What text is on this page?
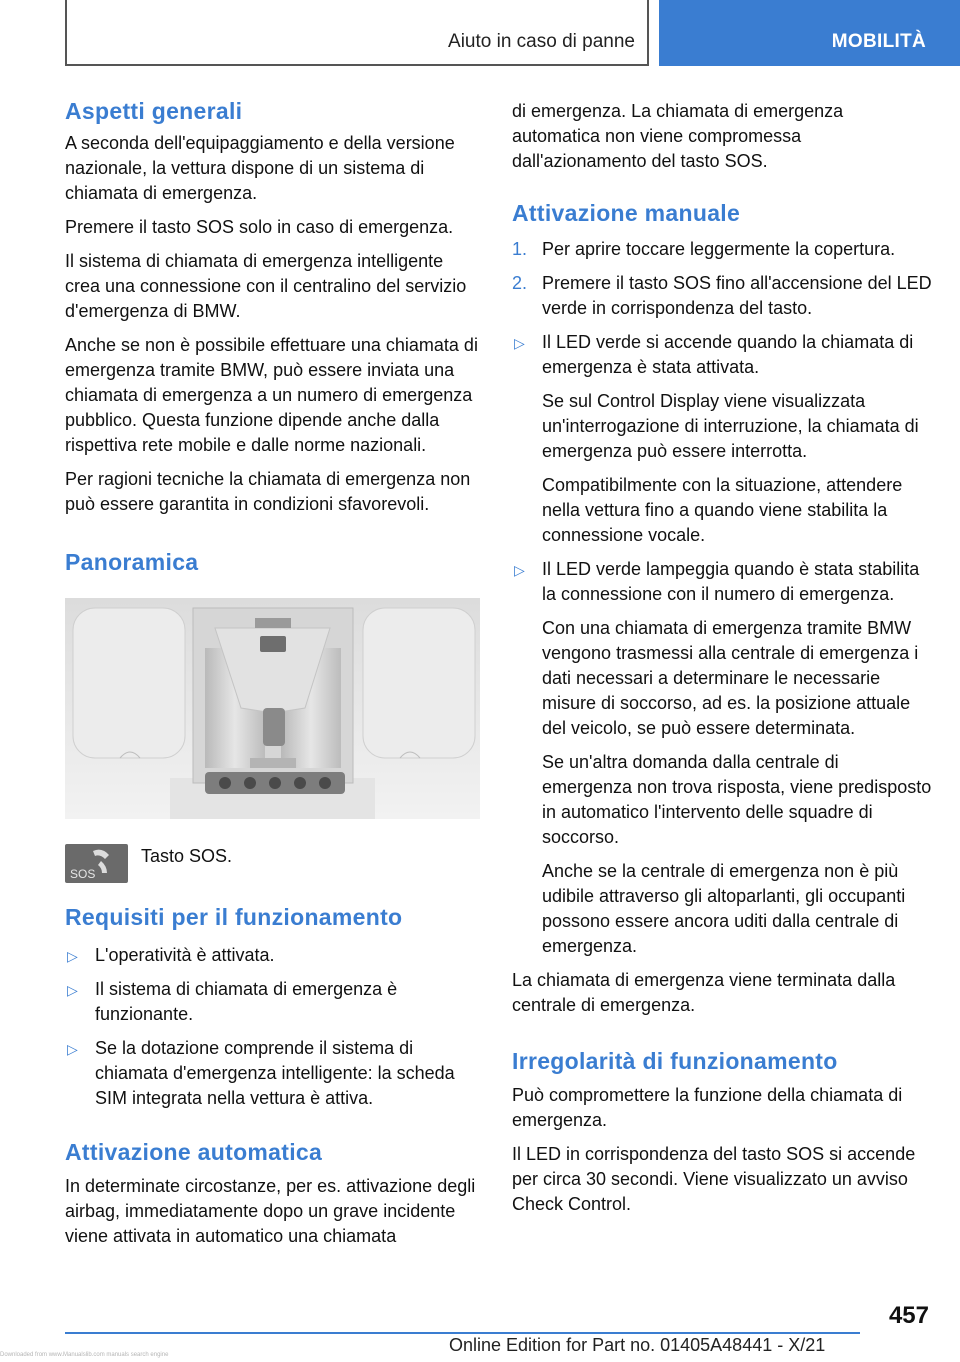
Aiuto in caso di panne	MOBILITÀ
Aspetti generali

A seconda dell'equipaggiamento e della versione nazionale, la vettura dispone di un sistema di chiamata di emergenza.

Premere il tasto SOS solo in caso di emergenza.

Il sistema di chiamata di emergenza intelligente crea una connessione con il centralino del servizio d'emergenza di BMW.

Anche se non è possibile effettuare una chiamata di emergenza tramite BMW, può essere inviata una chiamata di emergenza a un numero di emergenza pubblico. Questa funzione dipende anche dalla rispettiva rete mobile e dalle norme nazionali.

Per ragioni tecniche la chiamata di emergenza non può essere garantita in condizioni sfavorevoli.

Panoramica
SOS
Tasto SOS.
Requisiti per il funzionamento
▷ L'operatività è attivata.
▷ Il sistema di chiamata di emergenza è funzionante.
▷ Se la dotazione comprende il sistema di chiamata d'emergenza intelligente: la scheda SIM integrata nella vettura è attiva.
Attivazione automatica

In determinate circostanze, per es. attivazione degli airbag, immediatamente dopo un grave incidente viene attivata in automatico una chiamata

di emergenza. La chiamata di emergenza automatica non viene compromessa dall'azionamento del tasto SOS.

Attivazione manuale
1. Per aprire toccare leggermente la copertura.
2. Premere il tasto SOS fino all'accensione del LED verde in corrispondenza del tasto.
▷ Il LED verde si accende quando la chiamata di emergenza è stata attivata.
Se sul Control Display viene visualizzata un'interrogazione di interruzione, la chiamata di emergenza può essere interrotta.
Compatibilmente con la situazione, attendere nella vettura fino a quando viene stabilita la connessione vocale.
▷ Il LED verde lampeggia quando è stata stabilita la connessione con il numero di emergenza.
Con una chiamata di emergenza tramite BMW vengono trasmessi alla centrale di emergenza i dati necessari a determinare le necessarie misure di soccorso, ad es. la posizione attuale del veicolo, se può essere determinata.
Se un'altra domanda dalla centrale di emergenza non trova risposta, viene predisposto in automatico l'intervento delle squadre di soccorso.
Anche se la centrale di emergenza non è più udibile attraverso gli altoparlanti, gli occupanti possono essere ancora uditi dalla centrale di emergenza.

La chiamata di emergenza viene terminata dalla centrale di emergenza.

Irregolarità di funzionamento

Può compromettere la funzione della chiamata di emergenza.

Il LED in corrispondenza del tasto SOS si accende per circa 30 secondi. Viene visualizzato un avviso Check Control.

457
Online Edition for Part no. 01405A48441 - X/21
Downloaded from www.Manualslib.com manuals search engine
